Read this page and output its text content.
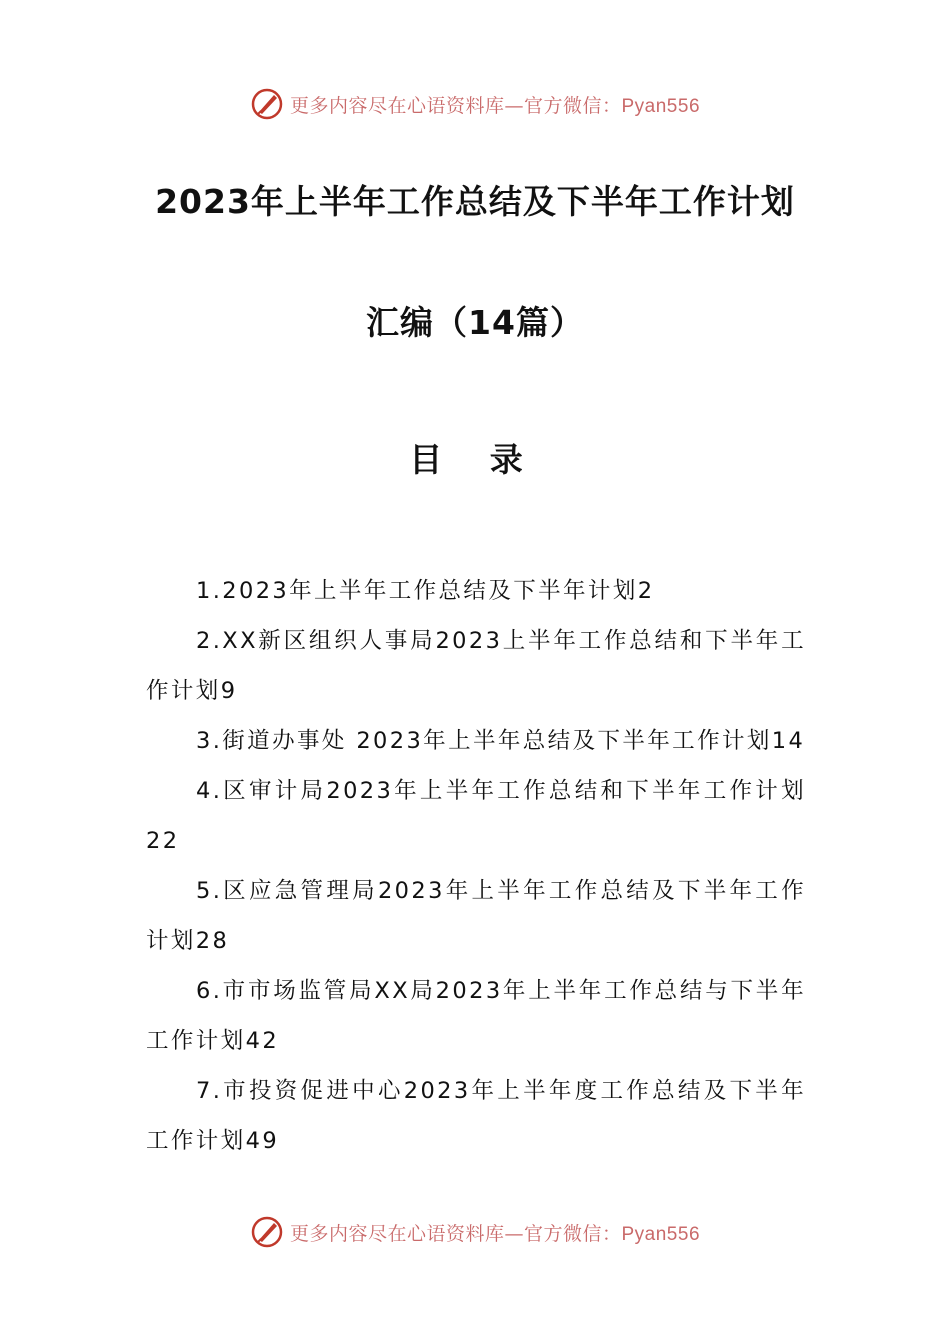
更多内容尽在心语资料库—官方微信：Pyan556
2023年上半年工作总结及下半年工作计划
汇编（14篇）
目 录
1.2023年上半年工作总结及下半年计划2
2.XX新区组织人事局2023上半年工作总结和下半年工作计划9
3.街道办事处 2023年上半年总结及下半年工作计划14
4.区审计局2023年上半年工作总结和下半年工作计划22
5.区应急管理局2023年上半年工作总结及下半年工作计划28
6.市市场监管局XX局2023年上半年工作总结与下半年工作计划42
7.市投资促进中心2023年上半年度工作总结及下半年工作计划49
更多内容尽在心语资料库—官方微信：Pyan556
